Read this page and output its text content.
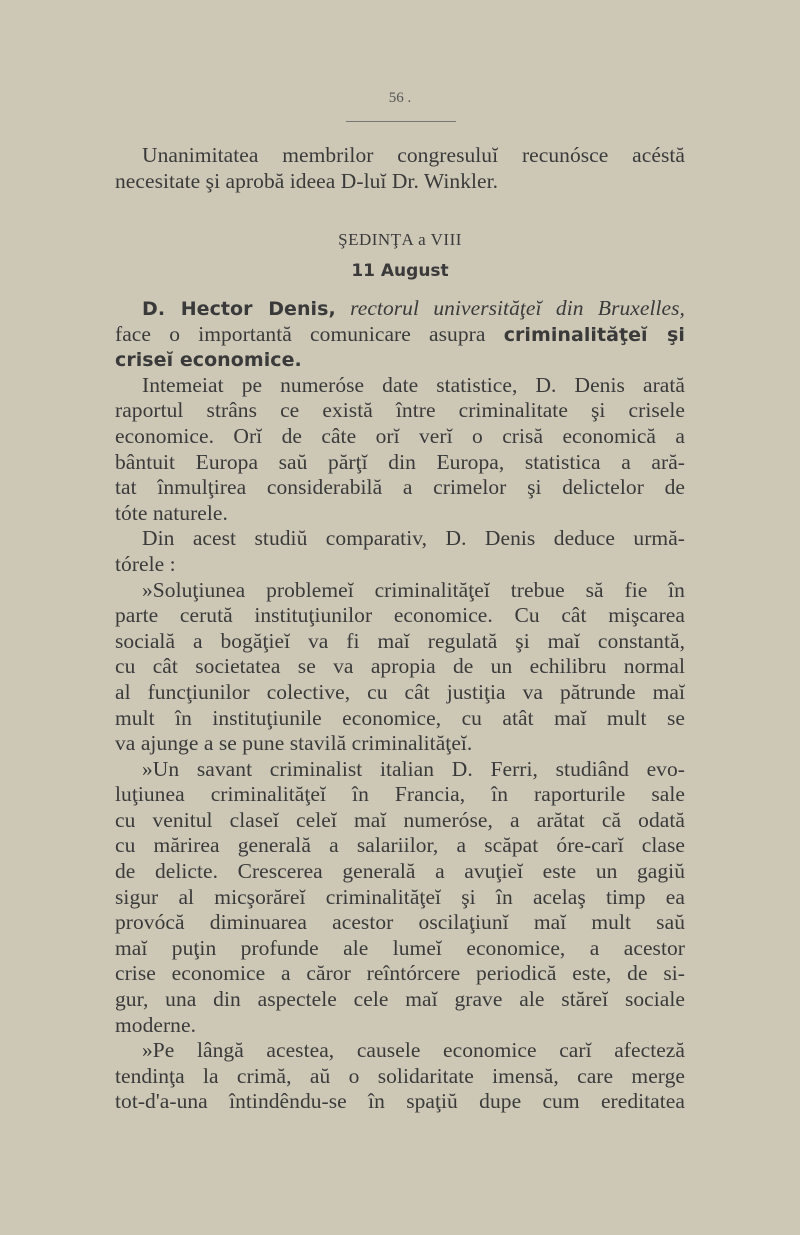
56 .
Unanimitatea membrilor congresuluĭ recunósce acéstă
necesitate şi aprobă ideea D-luĭ Dr. Winkler.
ŞEDINŢA a VIII
11 August
D. Hector Denis, rectorul universităţeĭ din Bruxelles,
face o importantă comunicare asupra criminalităţeĭ şi
criseĭ economice.
Intemeiat pe numeróse date statistice, D. Denis arată
raportul strâns ce există între criminalitate şi crisele
economice. Orĭ de câte orĭ verĭ o crisă economică a
bântuit Europa saŭ părţĭ din Europa, statistica a ară-
tat înmulţirea considerabilă a crimelor şi delictelor de
tóte naturele.
Din acest studiŭ comparativ, D. Denis deduce urmă-
tórele :
»Soluţiunea problemeĭ criminalităţeĭ trebue să fie în
parte cerută instituţiunilor economice. Cu cât mişcarea
socială a bogăţieĭ va fi maĭ regulată şi maĭ constantă,
cu cât societatea se va apropia de un echilibru normal
al funcţiunilor colective, cu cât justiţia va pătrunde maĭ
mult în instituţiunile economice, cu atât maĭ mult se
va ajunge a se pune stavilă criminalităţeĭ.
»Un savant criminalist italian D. Ferri, studiând evo-
luţiunea criminalităţeĭ în Francia, în raporturile sale
cu venitul claseĭ celeĭ maĭ numeróse, a arătat că odată
cu mărirea generală a salariilor, a scăpat óre-carĭ clase
de delicte. Crescerea generală a avuţieĭ este un gagiŭ
sigur al micşorăreĭ criminalităţeĭ şi în acelaş timp ea
provócă diminuarea acestor oscilaţiunĭ maĭ mult saŭ
maĭ puţin profunde ale lumeĭ economice, a acestor
crise economice a căror reîntórcere periodică este, de si-
gur, una din aspectele cele maĭ grave ale stăreĭ sociale
moderne.
»Pe lângă acestea, causele economice carĭ afecteză
tendinţa la crimă, aŭ o solidaritate imensă, care merge
tot-d'a-una întindêndu-se în spaţiŭ dupe cum ereditatea
